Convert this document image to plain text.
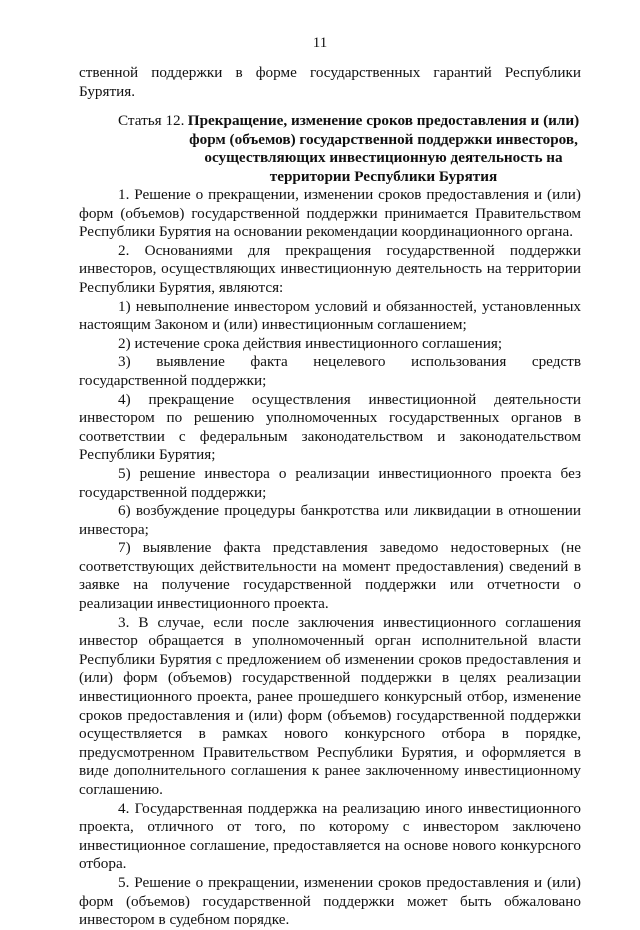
11
ственной поддержки в форме государственных гарантий Республики Бурятия.
Статья 12. Прекращение, изменение сроков предоставления и (или) форм (объемов) государственной поддержки инвесторов, осуществляющих инвестиционную деятельность на территории Республики Бурятия

1. Решение о прекращении, изменении сроков предоставления и (или) форм (объемов) государственной поддержки принимается Правительством Республики Бурятия на основании рекомендации координационного органа.

2. Основаниями для прекращения государственной поддержки инвесторов, осуществляющих инвестиционную деятельность на территории Республики Бурятия, являются:

1) невыполнение инвестором условий и обязанностей, установленных настоящим Законом и (или) инвестиционным соглашением;

2) истечение срока действия инвестиционного соглашения;

3) выявление факта нецелевого использования средств государственной поддержки;

4) прекращение осуществления инвестиционной деятельности инвестором по решению уполномоченных государственных органов в соответствии с федеральным законодательством и законодательством Республики Бурятия;

5) решение инвестора о реализации инвестиционного проекта без государственной поддержки;

6) возбуждение процедуры банкротства или ликвидации в отношении инвестора;

7) выявление факта представления заведомо недостоверных (не соответствующих действительности на момент предоставления) сведений в заявке на получение государственной поддержки или отчетности о реализации инвестиционного проекта.

3. В случае, если после заключения инвестиционного соглашения инвестор обращается в уполномоченный орган исполнительной власти Республики Бурятия с предложением об изменении сроков предоставления и (или) форм (объемов) государственной поддержки в целях реализации инвестиционного проекта, ранее прошедшего конкурсный отбор, изменение сроков предоставления и (или) форм (объемов) государственной поддержки осуществляется в рамках нового конкурсного отбора в порядке, предусмотренном Правительством Республики Бурятия, и оформляется в виде дополнительного соглашения к ранее заключенному инвестиционному соглашению.

4. Государственная поддержка на реализацию иного инвестиционного проекта, отличного от того, по которому с инвестором заключено инвестиционное соглашение, предоставляется на основе нового конкурсного отбора.

5. Решение о прекращении, изменении сроков предоставления и (или) форм (объемов) государственной поддержки может быть обжаловано инвестором в судебном порядке.
